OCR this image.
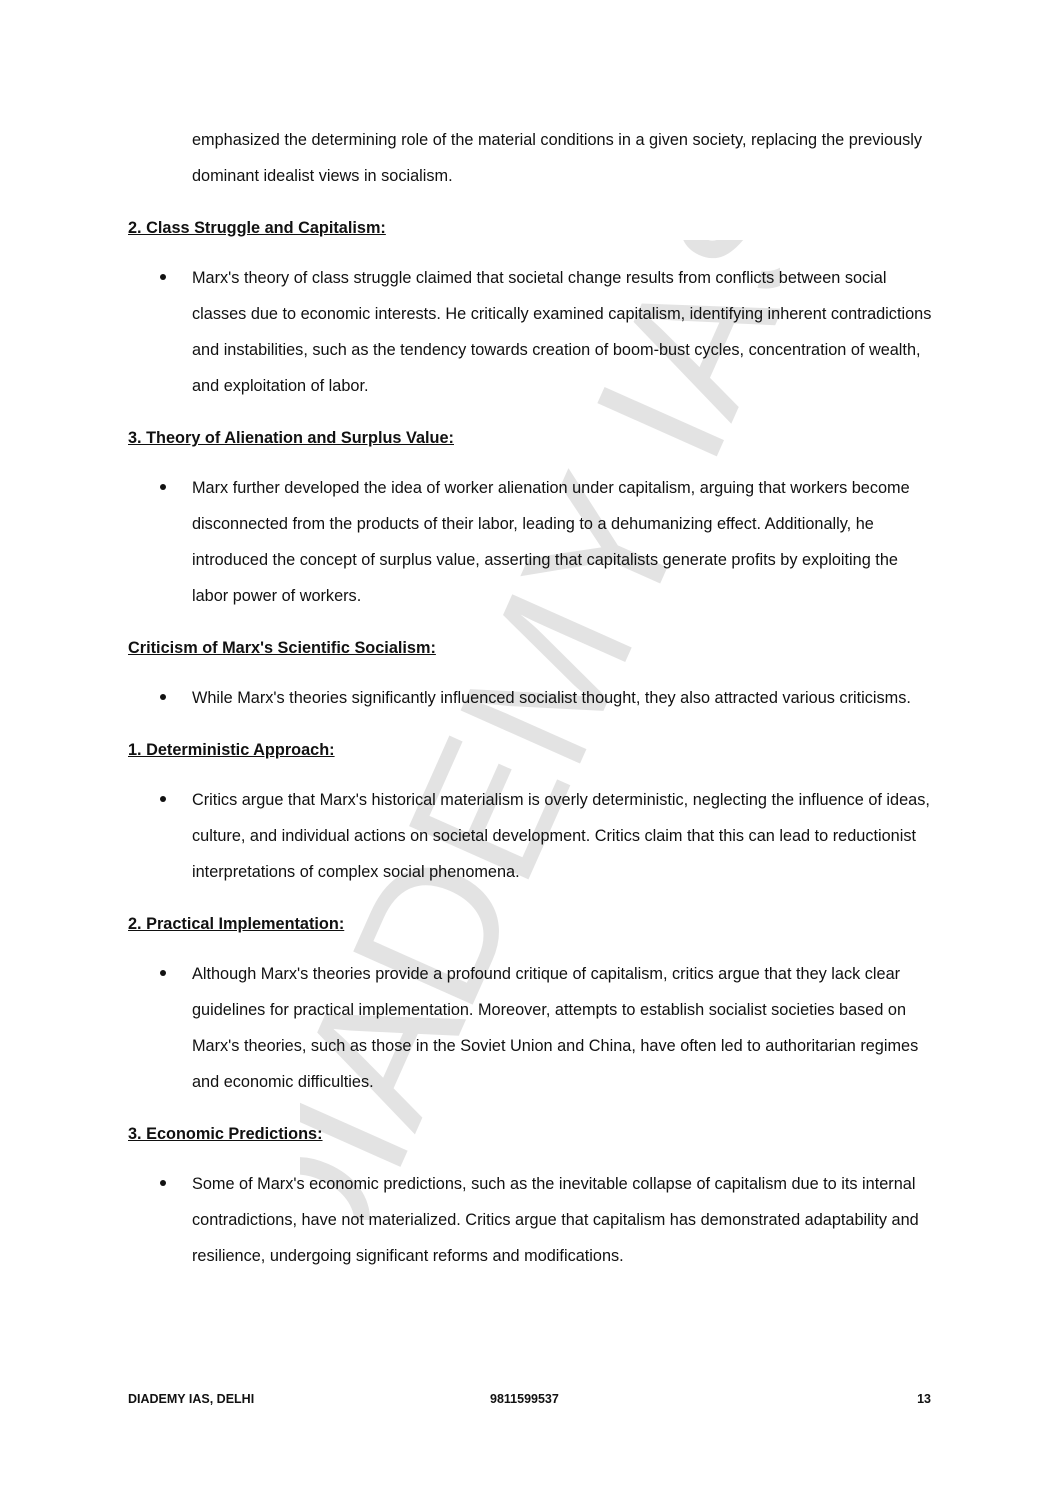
DIADEMY IAS

emphasized the determining role of the material conditions in a given society, replacing the previously dominant idealist views in socialism.

2. Class Struggle and Capitalism:

Marx's theory of class struggle claimed that societal change results from conflicts between social classes due to economic interests. He critically examined capitalism, identifying inherent contradictions and instabilities, such as the tendency towards creation of boom-bust cycles, concentration of wealth, and exploitation of labor.

3. Theory of Alienation and Surplus Value:

Marx further developed the idea of worker alienation under capitalism, arguing that workers become disconnected from the products of their labor, leading to a dehumanizing effect. Additionally, he introduced the concept of surplus value, asserting that capitalists generate profits by exploiting the labor power of workers.

Criticism of Marx's Scientific Socialism:

While Marx's theories significantly influenced socialist thought, they also attracted various criticisms.

1. Deterministic Approach:

Critics argue that Marx's historical materialism is overly deterministic, neglecting the influence of ideas, culture, and individual actions on societal development. Critics claim that this can lead to reductionist interpretations of complex social phenomena.

2. Practical Implementation:

Although Marx's theories provide a profound critique of capitalism, critics argue that they lack clear guidelines for practical implementation. Moreover, attempts to establish socialist societies based on Marx's theories, such as those in the Soviet Union and China, have often led to authoritarian regimes and economic difficulties.

3. Economic Predictions:

Some of Marx's economic predictions, such as the inevitable collapse of capitalism due to its internal contradictions, have not materialized. Critics argue that capitalism has demonstrated adaptability and resilience, undergoing significant reforms and modifications.
DIADEMY IAS, DELHI	9811599537	13
